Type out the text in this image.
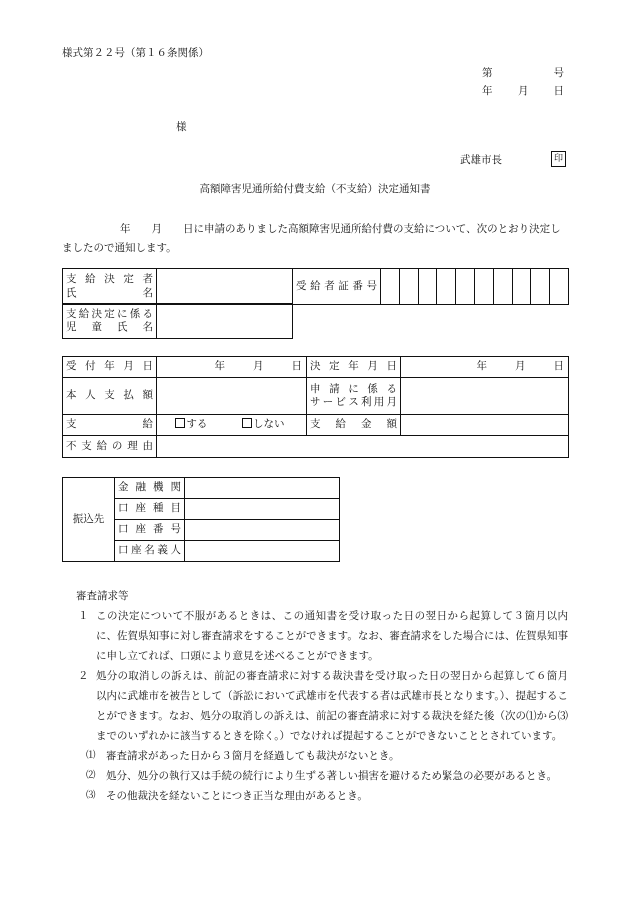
様式第２２号（第１６条関係）
第	号
年 月 日
様
武雄市長	印
高額障害児通所給付費支給（不支給）決定通知書
年　　月　　日に申請のありました高額障害児通所給付費の支給について、次のとおり決定しましたので通知します。
支 給 決 定 者
氏　　　　　名
		受給者証番号										
支給決定に係る
児　童　氏　名

受 付 年 月 日	年 月 日	決 定 年 月 日	年 月 日
本 人 支 払 額		申 請 に 係 る
サービス利用月	

支　　　　　給	する しない	支　給　金　額	
不支給の理由			
振込先	金 融 機 関	
	口 座 種 目	
	口 座 番 号	
	口座名義人	
審査請求等
１ この決定について不服があるときは、この通知書を受け取った日の翌日から起算して３箇月以内に、佐賀県知事に対し審査請求をすることができます。なお、審査請求をした場合には、佐賀県知事に申し立てれば、口頭により意見を述べることができます。
２ 処分の取消しの訴えは、前記の審査請求に対する裁決書を受け取った日の翌日から起算して６箇月以内に武雄市を被告として（訴訟において武雄市を代表する者は武雄市長となります。）、提起することができます。なお、処分の取消しの訴えは、前記の審査請求に対する裁決を経た後（次の⑴から⑶までのいずれかに該当するときを除く。）でなければ提起することができないこととされています。
⑴ 審査請求があった日から３箇月を経過しても裁決がないとき。
⑵ 処分、処分の執行又は手続の続行により生ずる著しい損害を避けるため緊急の必要があるとき。
⑶ その他裁決を経ないことにつき正当な理由があるとき。
